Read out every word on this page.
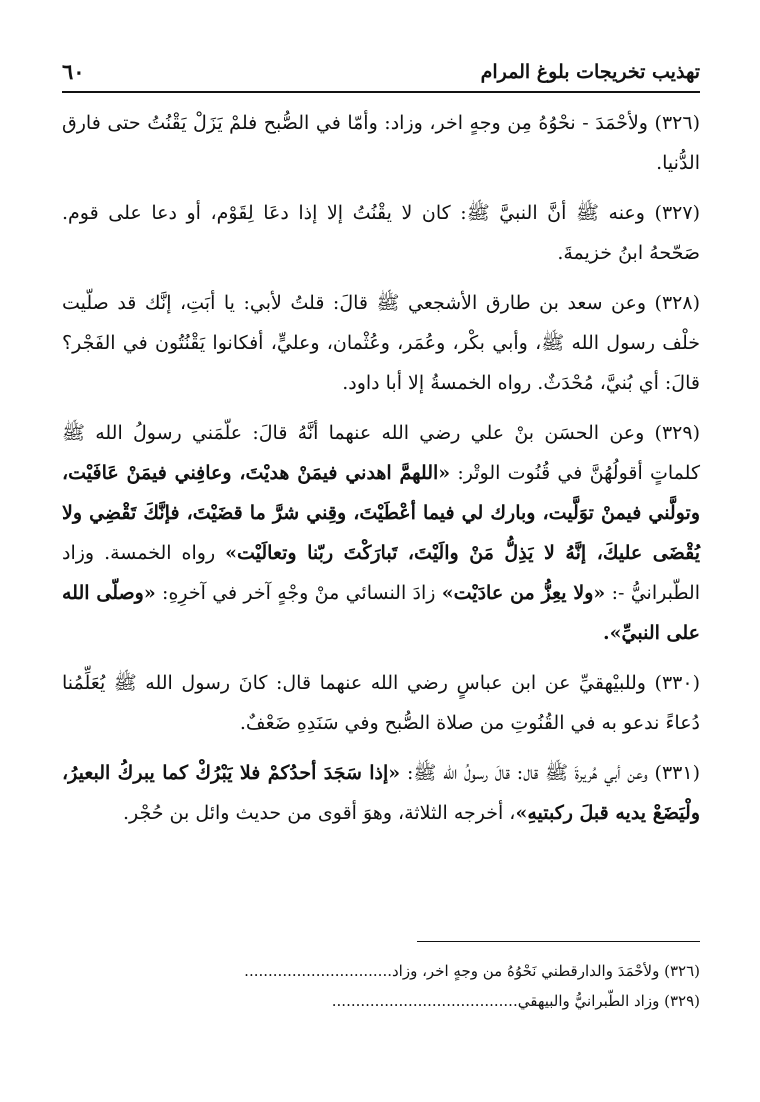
تهذيب تخريجات بلوغ المرام
٦٠

(٣٢٦) ولأحْمَدَ - نحْوُهُ مِن وجهٍ اخر، وزاد: وأمّا في الصُّبح فلمْ يَزَلْ يَقْنُتُ حتى فارق الدُّنيا.

(٣٢٧) وعنه ﷺ أنَّ النبيَّ ﷺ: كان لا يقْنُتُ إلا إذا دعَا لِقَوْم، أو دعا على قوم. صَحّحهُ ابنُ خزيمةَ.

(٣٢٨) وعن سعد بن طارق الأشجعي ﷺ قالَ: قلتُ لأبي: يا أبَتِ، إنَّك قد صلّيت خلْف رسول الله ﷺ، وأبي بكْر، وعُمَر، وعُثْمان، وعليٍّ، أفكانوا يَقْنُتُون في الفَجْر؟ قالَ: أي بُنيَّ، مُحْدَثٌ. رواه الخمسةُ إلا أبا داود.

(٣٢٩) وعن الحسَن بنْ علي رضي الله عنهما أنَّهُ قالَ: علّمَني رسولُ الله ﷺ كلماتٍ أقولُهُنَّ في قُنُوت الوتْر: «اللهمَّ اهدني فيمَنْ هديْتَ، وعافِني فيمَنْ عَافَيْت، وتولَّني فيمنْ توَلَّيت، وبارك لي فيما أعْطَيْتَ، وقِني شرَّ ما قضَيْتَ، فإنَّكَ تَقْضِي ولا يُقْضَى عليكَ، إنَّهُ لا يَذِلُّ مَنْ والَيْتَ، تَبارَكْتَ ربّنا وتعالَيْت» رواه الخمسة. وزاد الطّبرانيُّ -: «ولا يعِزُّ من عادَيْت» زادَ النسائي منْ وجْهٍ آخر في آخرِهِ: «وصلّى الله على النبيِّ».

(٣٣٠) وللبيْهقيِّ عن ابن عباسٍ رضي الله عنهما قال: كانَ رسول الله ﷺ يُعَلِّمُنا دُعاءً ندعو به في القُنُوتِ من صلاة الصُّبح وفي سَنَدِهِ ضَعْفٌ.

(٣٣١) وعن أبي هُريرةَ ﷺ قال: قالَ رسولُ الله ﷺ: «إذا سَجَدَ أحدُكمْ فلا يَبْرُكْ كما يبركُ البعيرُ، ولْيَضَعْ يديه قبلَ ركبتيهِ»، أخرجه الثلاثة، وهوَ أقوى من حديث وائل بن حُجْر.

(٣٢٦) ولأحْمَدَ والدارقطني نَحْوُهُ من وجهٍ اخر، وزاد...............................

(٣٢٩) وزاد الطّبرانيُّ والبيهقي.......................................
